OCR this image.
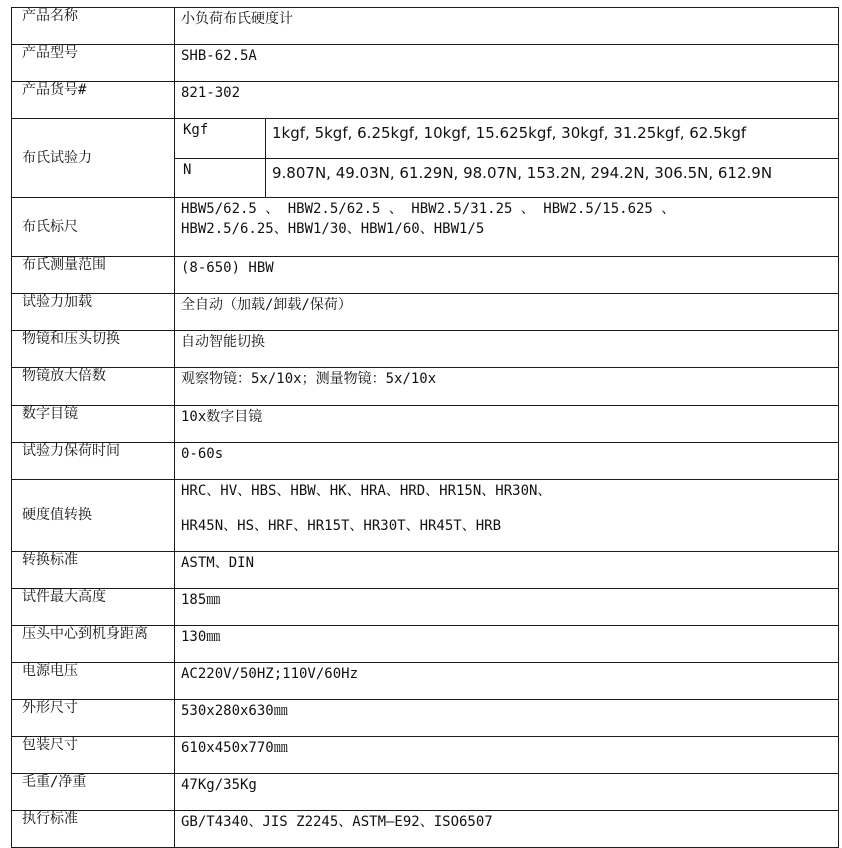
产品名称	小负荷布氏硬度计	

产品型号	SHB-62.5A	

产品货号#	821-302	

布氏试验力	Kgf	1kgf, 5kgf, 6.25kgf, 10kgf, 15.625kgf, 30kgf, 31.25kgf, 62.5kgf

	N	9.807N, 49.03N, 61.29N, 98.07N, 153.2N, 294.2N, 306.5N, 612.9N

布氏标尺	HBW5/62.5 、 HBW2.5/62.5 、 HBW2.5/31.25 、 HBW2.5/15.625 、
HBW2.5/6.25、HBW1/30、HBW1/60、HBW1/5	

布氏测量范围	(8-650) HBW	

试验力加载	全自动（加载/卸载/保荷）	

物镜和压头切换	自动智能切换	

物镜放大倍数	观察物镜：5x/10x；测量物镜：5x/10x	

数字目镜	10x数字目镜	

试验力保荷时间	0-60s	

硬度值转换	HRC、HV、HBS、HBW、HK、HRA、HRD、HR15N、HR30N、
HR45N、HS、HRF、HR15T、HR30T、HR45T、HRB	

转换标准	ASTM、DIN	

试件最大高度	185㎜	

压头中心到机身距离	130㎜	

电源电压	AC220V/50HZ;110V/60Hz	

外形尺寸	530x280x630㎜	

包装尺寸	610x450x770㎜	

毛重/净重	47Kg/35Kg	

执行标准	GB/T4340、JIS Z2245、ASTM—E92、ISO6507	
